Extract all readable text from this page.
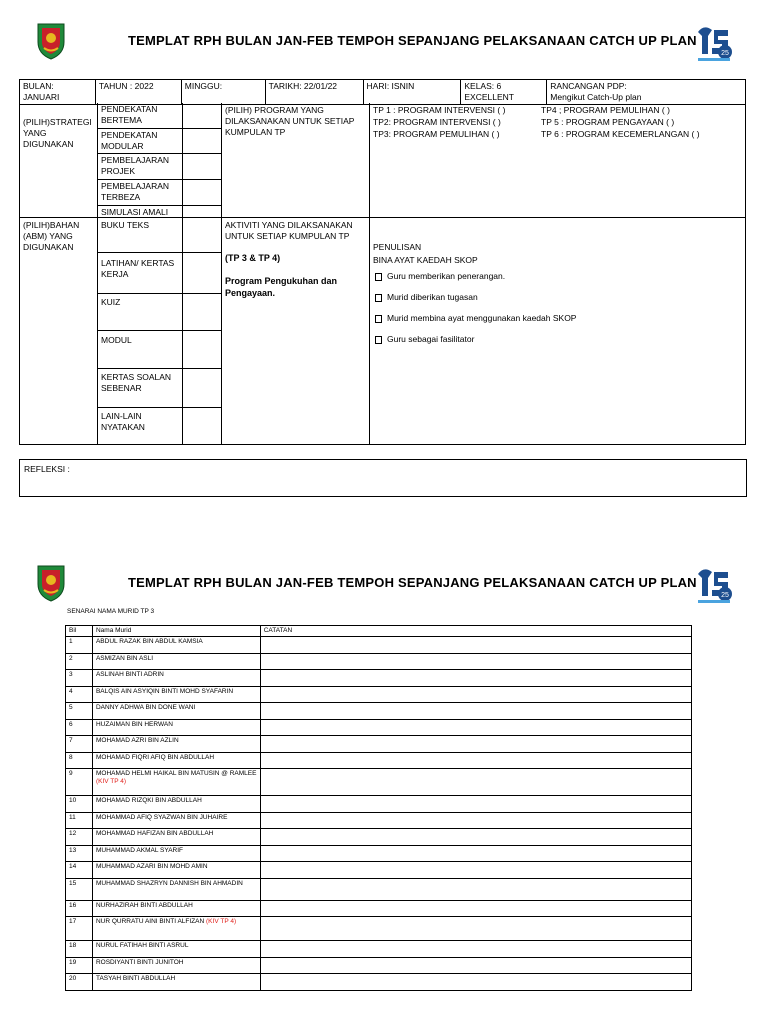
TEMPLAT RPH BULAN JAN-FEB TEMPOH SEPANJANG PELAKSANAAN CATCH UP PLAN
25
BULAN: JANUARI	TAHUN : 2022	MINGGU:	TARIKH: 22/01/22	HARI: ISNIN	KELAS: 6 EXCELLENT	
RANCANGAN PDP:
Mengikut Catch-Up plan
(PILIH)STRATEGI YANG DIGUNAKAN
PENDEKATAN BERTEMA
PENDEKATAN MODULAR
PEMBELAJARAN PROJEK
PEMBELAJARAN TERBEZA
SIMULASI AMALI
(PILIH) PROGRAM YANG DILAKSANAKAN UNTUK SETIAP KUMPULAN TP
TP 1 : PROGRAM INTERVENSI ( )	TP4 ; PROGRAM PEMULIHAN ( )
TP2: PROGRAM INTERVENSI ( )	TP 5 : PROGRAM PENGAYAAN ( )
TP3: PROGRAM PEMULIHAN ( )	TP 6 : PROGRAM KECEMERLANGAN ( )
(PILIH)BAHAN (ABM) YANG DIGUNAKAN
BUKU TEKS
LATIHAN/ KERTAS KERJA
KUIZ
MODUL
KERTAS SOALAN SEBENAR
LAIN-LAIN NYATAKAN
AKTIVITI YANG DILAKSANAKAN UNTUK SETIAP KUMPULAN TP
(TP 3 & TP 4)
Program Pengukuhan dan Pengayaan.
PENULISAN
BINA AYAT KAEDAH SKOP
Guru memberikan penerangan.
Murid diberikan tugasan
Murid membina ayat menggunakan kaedah SKOP
Guru sebagai fasilitator
REFLEKSI :
TEMPLAT RPH BULAN JAN-FEB TEMPOH SEPANJANG PELAKSANAAN CATCH UP PLAN
25
SENARAI NAMA MURID TP 3
Bil	Nama Murid	CATATAN
1	ABDUL RAZAK BIN ABDUL KAMSIA	
2	ASMIZAN BIN ASLI	
3	ASLINAH BINTI ADRIN	
4	BALQIS AIN ASYIQIN BINTI MOHD SYAFARIN	
5	DANNY ADHWA BIN DONE WANI	
6	HUZAIMAN BIN HERWAN	
7	MOHAMAD AZRI BIN AZLIN	
8	MOHAMAD FIQRI AFIQ BIN ABDULLAH	
9	MOHAMAD HELMI HAIKAL BIN MATUSIN @ RAMLEE (KIV TP 4)	
10	MOHAMAD RIZQKI BIN ABDULLAH	
11	MOHAMMAD AFIQ SYAZWAN BIN JUHAIRE	
12	MOHAMMAD HAFIZAN BIN ABDULLAH	
13	MUHAMMAD AKMAL SYARIF	
14	MUHAMMAD AZARI BIN MOHD AMIN	
15	MUHAMMAD SHAZRYN DANNISH BIN AHMADIN	
16	NURHAZIRAH BINTI ABDULLAH	
17	NUR QURRATU AINI BINTI ALFIZAN (KIV TP 4)	
18	NURUL FATIHAH BINTI ASRUL	
19	ROSDIYANTI BINTI JUNITOH	
20	TASYAH BINTI ABDULLAH	
